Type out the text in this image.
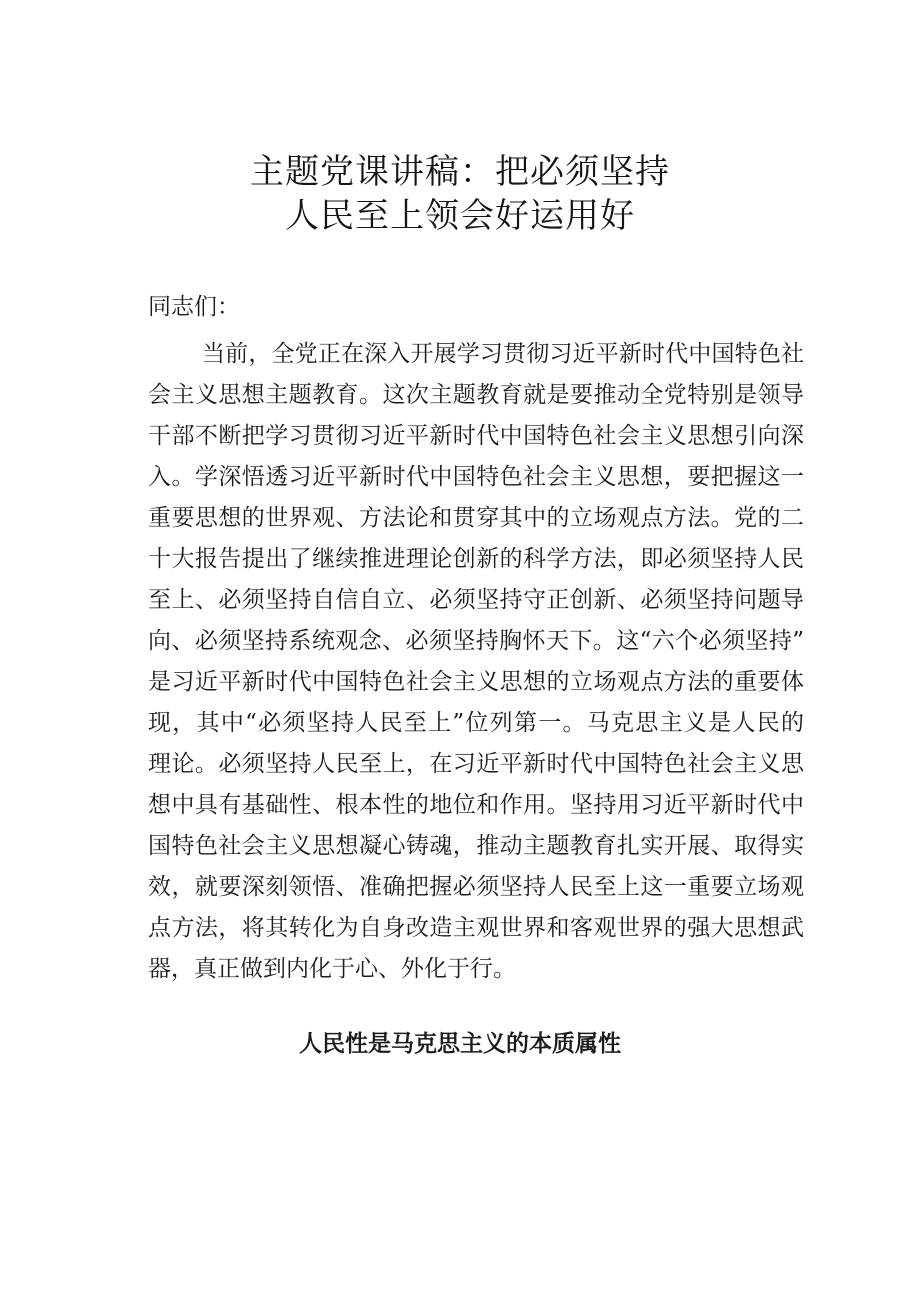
主题党课讲稿：把必须坚持
人民至上领会好运用好
同志们：
当前，全党正在深入开展学习贯彻习近平新时代中国特色社
会主义思想主题教育。这次主题教育就是要推动全党特别是领导
干部不断把学习贯彻习近平新时代中国特色社会主义思想引向深
入。学深悟透习近平新时代中国特色社会主义思想，要把握这一
重要思想的世界观、方法论和贯穿其中的立场观点方法。党的二
十大报告提出了继续推进理论创新的科学方法，即必须坚持人民
至上、必须坚持自信自立、必须坚持守正创新、必须坚持问题导
向、必须坚持系统观念、必须坚持胸怀天下。这“六个必须坚持”
是习近平新时代中国特色社会主义思想的立场观点方法的重要体
现，其中“必须坚持人民至上”位列第一。马克思主义是人民的
理论。必须坚持人民至上，在习近平新时代中国特色社会主义思
想中具有基础性、根本性的地位和作用。坚持用习近平新时代中
国特色社会主义思想凝心铸魂，推动主题教育扎实开展、取得实
效，就要深刻领悟、准确把握必须坚持人民至上这一重要立场观
点方法，将其转化为自身改造主观世界和客观世界的强大思想武
器，真正做到内化于心、外化于行。
人民性是马克思主义的本质属性
